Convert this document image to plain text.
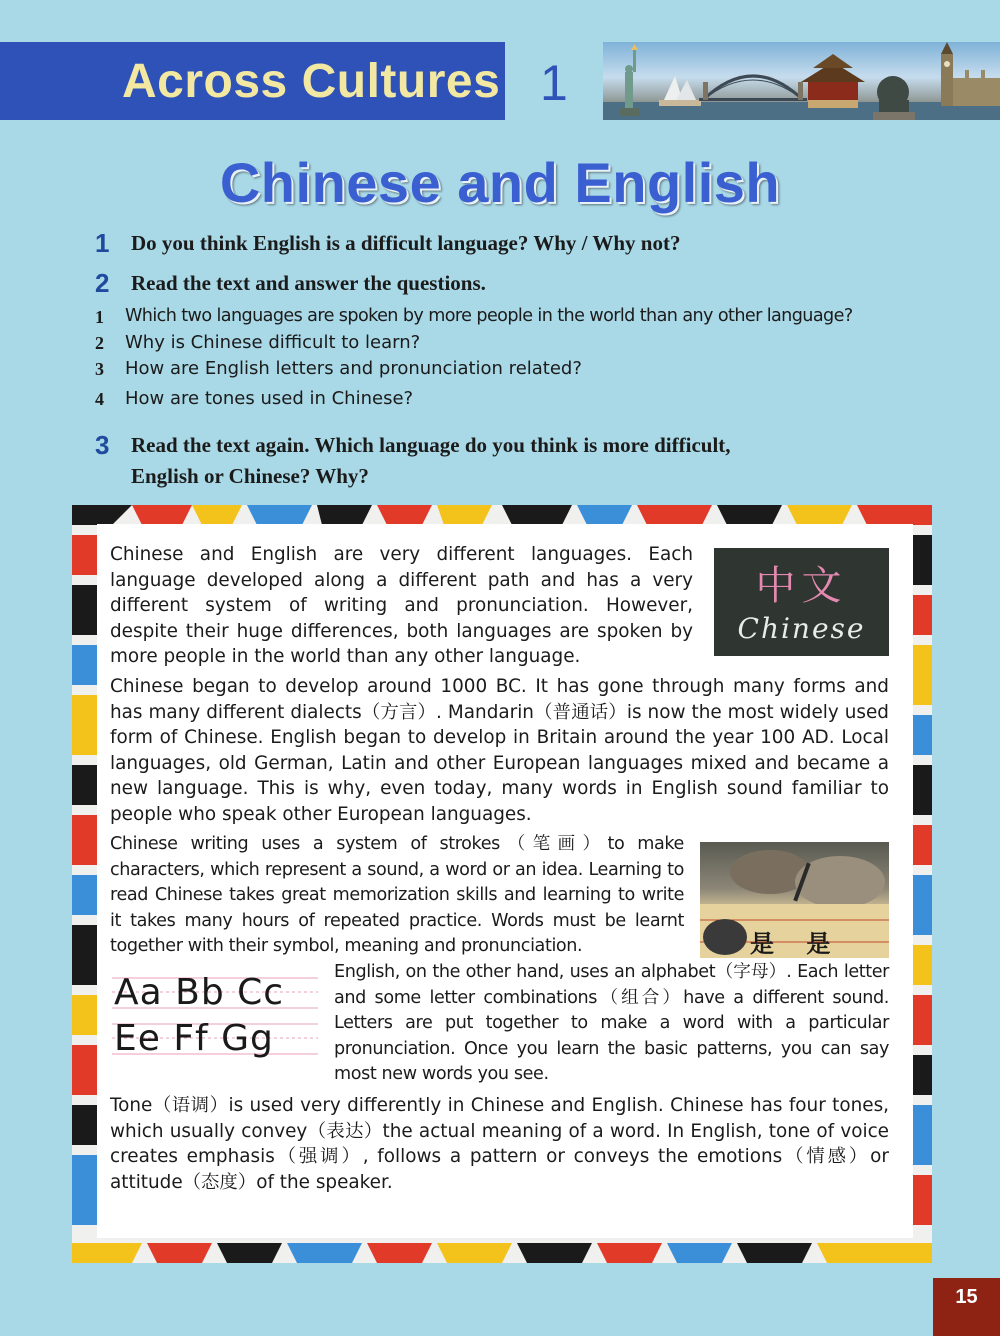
Across Cultures 1
Chinese and English
1 Do you think English is a difficult language? Why / Why not?
2 Read the text and answer the questions.
1 Which two languages are spoken by more people in the world than any other language?
2 Why is Chinese difficult to learn?
3 How are English letters and pronunciation related?
4 How are tones used in Chinese?
3 Read the text again. Which language do you think is more difficult,
English or Chinese? Why?
Chinese and English are very different languages. Each language developed along a different path and has a very different system of writing and pronunciation. However, despite their huge differences, both languages are spoken by more people in the world than any other language.
Chinese began to develop around 1000 BC. It has gone through many forms and has many different dialects（方言）. Mandarin（普通话）is now the most widely used form of Chinese. English began to develop in Britain around the year 100 AD. Local languages, old German, Latin and other European languages mixed and became a new language. This is why, even today, many words in English sound familiar to people who speak other European languages.
Chinese writing uses a system of strokes（笔画）to make characters, which represent a sound, a word or an idea. Learning to read Chinese takes great memorization skills and learning to write it takes many hours of repeated practice. Words must be learnt together with their symbol, meaning and pronunciation.
English, on the other hand, uses an alphabet（字母）. Each letter and some letter combinations（组合）have a different sound. Letters are put together to make a word with a particular pronunciation. Once you learn the basic patterns, you can say most new words you see.
Tone（语调）is used very differently in Chinese and English. Chinese has four tones, which usually convey（表达）the actual meaning of a word. In English, tone of voice creates emphasis（强调）, follows a pattern or conveys the emotions（情感）or attitude（态度）of the speaker.
中文
Chinese
是 是
Aa Bb Cc
Ee Ff Gg
15
